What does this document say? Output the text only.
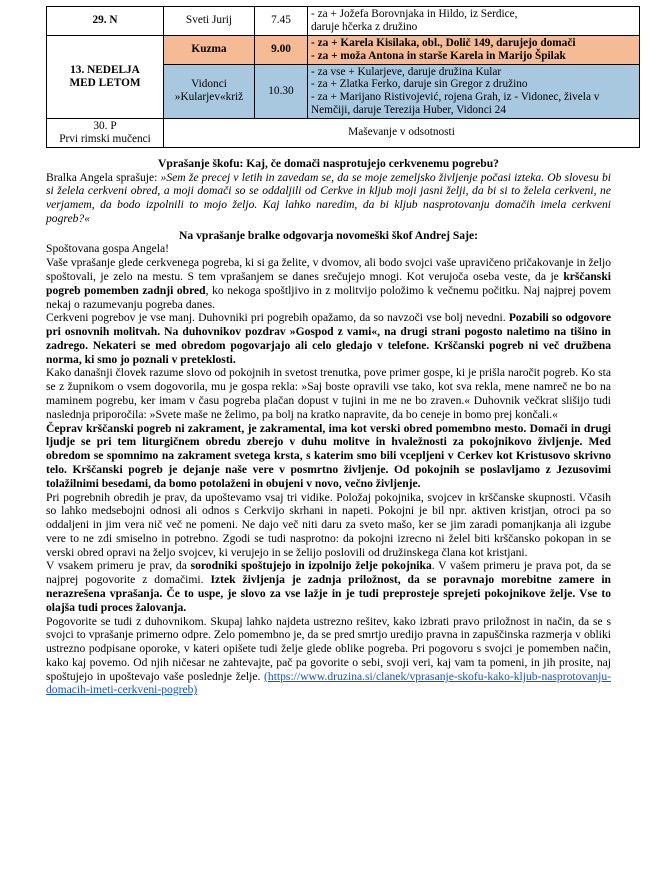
29. N	Sveti Jurij	7.45	- za + Jožefa Borovnjaka in Hildo, iz Serdice,
daruje hčerka z družino

13. NEDELJA
MED LETOM	Kuzma	9.00	- za + Karela Kisilaka, obl., Dolič 149, darujejo domači
- za + moža Antona in starše Karela in Marijo Špilak

	Vidonci
»Kularjev«križ	10.30	- za vse + Kularjeve, daruje družina Kular
- za + Zlatka Ferko, daruje sin Gregor z družino
- za + Marijano Ristivojević, rojena Grah, iz - Vidonec, živela v Nemčiji, daruje Terezija Huber, Vidonci 24

30. P
Prvi rimski mučenci	Maševanje v odsotnosti		

Vprašanje škofu: Kaj, če domači nasprotujejo cerkvenemu pogrebu?

Bralka Angela sprašuje: »Sem že precej v letih in zavedam se, da se moje zemeljsko življenje počasi izteka. Ob slovesu bi si želela cerkveni obred, a moji domači so se oddaljili od Cerkve in kljub moji jasni želji, da bi si to želela cerkveni, ne verjamem, da bodo izpolnili to mojo željo. Kaj lahko naredim, da bi kljub nasprotovanju domačih imela cerkveni pogreb?«

Na vprašanje bralke odgovarja novomeški škof Andrej Saje:

Spoštovana gospa Angela!

Vaše vprašanje glede cerkvenega pogreba, ki si ga želite, v dvomov, ali bodo svojci vaše upravičeno pričakovanje in željo spoštovali, je zelo na mestu. S tem vprašanjem se danes srečujejo mnogi. Kot verujoča oseba veste, da je krščanski pogreb pomemben zadnji obred, ko nekoga spoštljivo in z molitvijo položimo k večnemu počitku. Naj najprej povem nekaj o razumevanju pogreba danes.

Cerkveni pogrebov je vse manj. Duhovniki pri pogrebih opažamo, da so navzoči vse bolj nevedni. Pozabili so odgovore pri osnovnih molitvah. Na duhovnikov pozdrav »Gospod z vami«, na drugi strani pogosto naletimo na tišino in zadrego. Nekateri se med obredom pogovarjajo ali celo gledajo v telefone. Krščanski pogreb ni več družbena norma, ki smo jo poznali v preteklosti.

Kako današnji človek razume slovo od pokojnih in svetost trenutka, pove primer gospe, ki je prišla naročit pogreb. Ko sta se z župnikom o vsem dogovorila, mu je gospa rekla: »Saj boste opravili vse tako, kot sva rekla, mene namreč ne bo na maminem pogrebu, ker imam v času pogreba plačan dopust v tujini in me ne bo zraven.« Duhovnik večkrat slišijo tudi naslednja priporočila: »Svete maše ne želimo, pa bolj na kratko napravite, da bo ceneje in bomo prej končali.«

Čeprav krščanski pogreb ni zakrament, je zakramental, ima kot verski obred pomembno mesto. Domači in drugi ljudje se pri tem liturgičnem obredu zberejo v duhu molitve in hvaležnosti za pokojnikovo življenje. Med obredom se spomnimo na zakrament svetega krsta, s katerim smo bili vcepljeni v Cerkev kot Kristusovo skrivno telo. Krščanski pogreb je dejanje naše vere v posmrtno življenje. Od pokojnih se poslavljamo z Jezusovimi tolažilnimi besedami, da bomo potolaženi in obujeni v novo, večno življenje.

Pri pogrebnih obredih je prav, da upoštevamo vsaj tri vidike. Položaj pokojnika, svojcev in krščanske skupnosti. Včasih so lahko medsebojni odnosi ali odnos s Cerkvijo skrhani in napeti. Pokojni je bil npr. aktiven kristjan, otroci pa so oddaljeni in jim vera nič več ne pomeni. Ne dajo več niti daru za sveto mašo, ker se jim zaradi pomanjkanja ali izgube vere to ne zdi smiselno in potrebno. Zgodi se tudi nasprotno: da pokojni izrecno ni želel biti krščansko pokopan in se verski obred opravi na željo svojcev, ki verujejo in se želijo poslovili od družinskega člana kot kristjani.

V vsakem primeru je prav, da sorodniki spoštujejo in izpolnijo želje pokojnika. V vašem primeru je prava pot, da se najprej pogovorite z domačimi. Iztek življenja je zadnja priložnost, da se poravnajo morebitne zamere in nerazrešena vprašanja. Če to uspe, je slovo za vse lažje in je tudi preprosteje sprejeti pokojnikove želje. Vse to olajša tudi proces žalovanja.

Pogovorite se tudi z duhovnikom. Skupaj lahko najdeta ustrezno rešitev, kako izbrati pravo priložnost in način, da se s svojci to vprašanje primerno odpre. Zelo pomembno je, da se pred smrtjo uredijo pravna in zapuščinska razmerja v obliki ustrezno podpisane oporoke, v kateri opišete tudi želje glede oblike pogreba. Pri pogovoru s svojci je pomemben način, kako kaj povemo. Od njih ničesar ne zahtevajte, pač pa govorite o sebi, svoji veri, kaj vam ta pomeni, in jih prosite, naj spoštujejo in upoštevajo vaše poslednje želje. (https://www.druzina.si/clanek/vprasanje-skofu-kako-kljub-nasprotovanju-domacih-imeti-cerkveni-pogreb)
